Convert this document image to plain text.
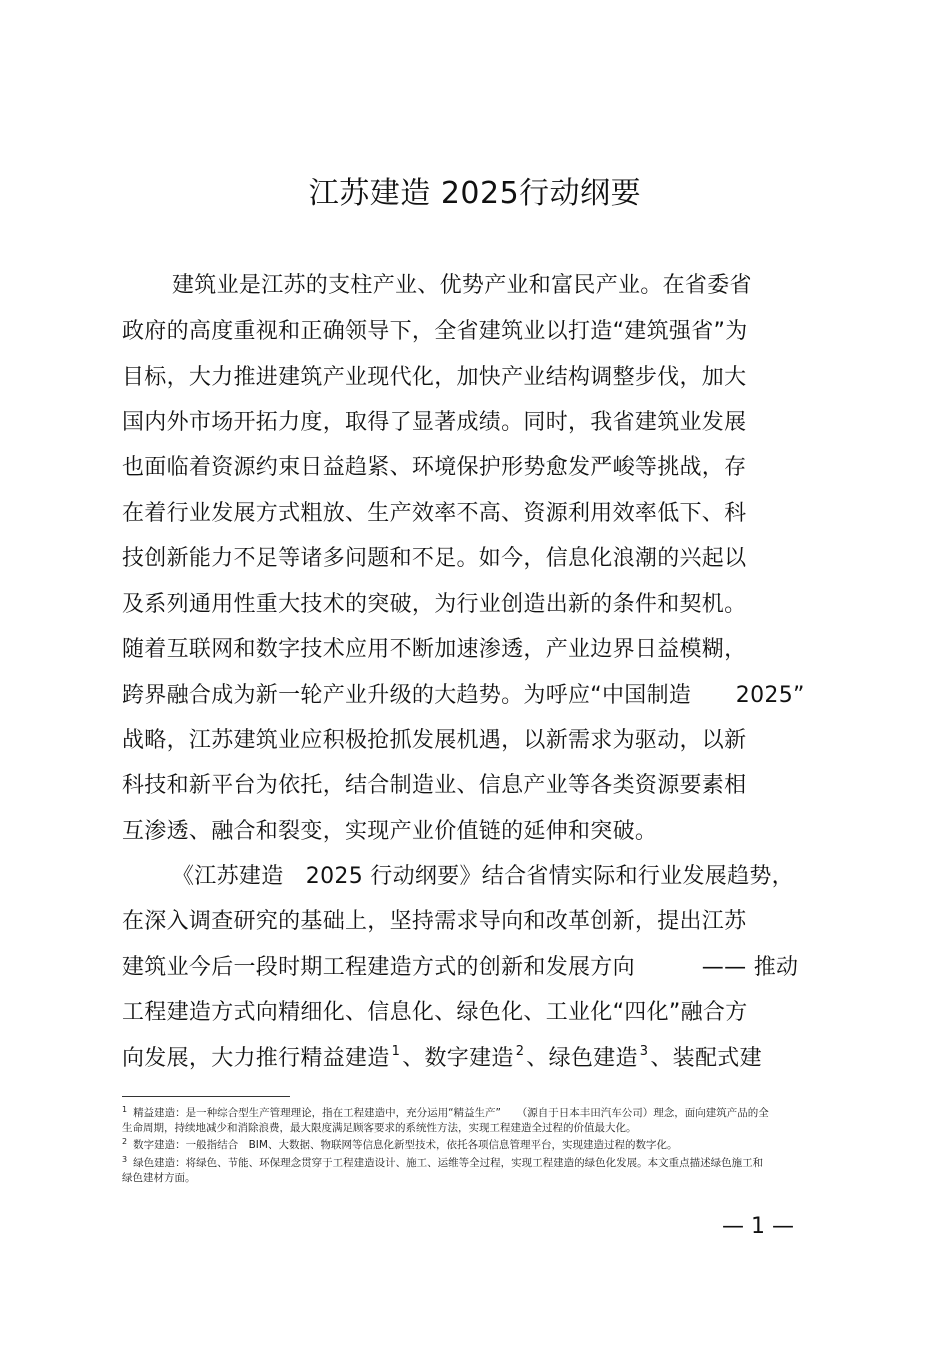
江苏建造 2025行动纲要
建筑业是江苏的支柱产业、优势产业和富民产业。在省委省
政府的高度重视和正确领导下，全省建筑业以打造“建筑强省”为
目标，大力推进建筑产业现代化，加快产业结构调整步伐，加大
国内外市场开拓力度，取得了显著成绩。同时，我省建筑业发展
也面临着资源约束日益趋紧、环境保护形势愈发严峻等挑战，存
在着行业发展方式粗放、生产效率不高、资源利用效率低下、科
技创新能力不足等诸多问题和不足。如今，信息化浪潮的兴起以
及系列通用性重大技术的突破，为行业创造出新的条件和契机。
随着互联网和数字技术应用不断加速渗透，产业边界日益模糊，
跨界融合成为新一轮产业升级的大趋势。为呼应“中国制造　　2025”
战略，江苏建筑业应积极抢抓发展机遇，以新需求为驱动，以新
科技和新平台为依托，结合制造业、信息产业等各类资源要素相
互渗透、融合和裂变，实现产业价值链的延伸和突破。
《江苏建造　2025 行动纲要》结合省情实际和行业发展趋势，
在深入调查研究的基础上，坚持需求导向和改革创新，提出江苏
建筑业今后一段时期工程建造方式的创新和发展方向　　　—— 推动
工程建造方式向精细化、信息化、绿色化、工业化“四化”融合方
向发展，大力推行精益建造 $^1$、数字建造 $^2$、绿色建造 $^3$、装配式建
$^1$ 精益建造：是一种综合型生产管理理论，指在工程建造中，充分运用“精益生产”　　（源自于日本丰田汽车公司）理念，面向建筑产品的全
生命周期，持续地减少和消除浪费，最大限度满足顾客要求的系统性方法，实现工程建造全过程的价值最大化。
$^2$ 数字建造：一般指结合　BIM、大数据、物联网等信息化新型技术，依托各项信息管理平台，实现建造过程的数字化。
$^3$ 绿色建造：将绿色、节能、环保理念贯穿于工程建造设计、施工、运维等全过程，实现工程建造的绿色化发展。本文重点描述绿色施工和
绿色建材方面。
— 1 —
